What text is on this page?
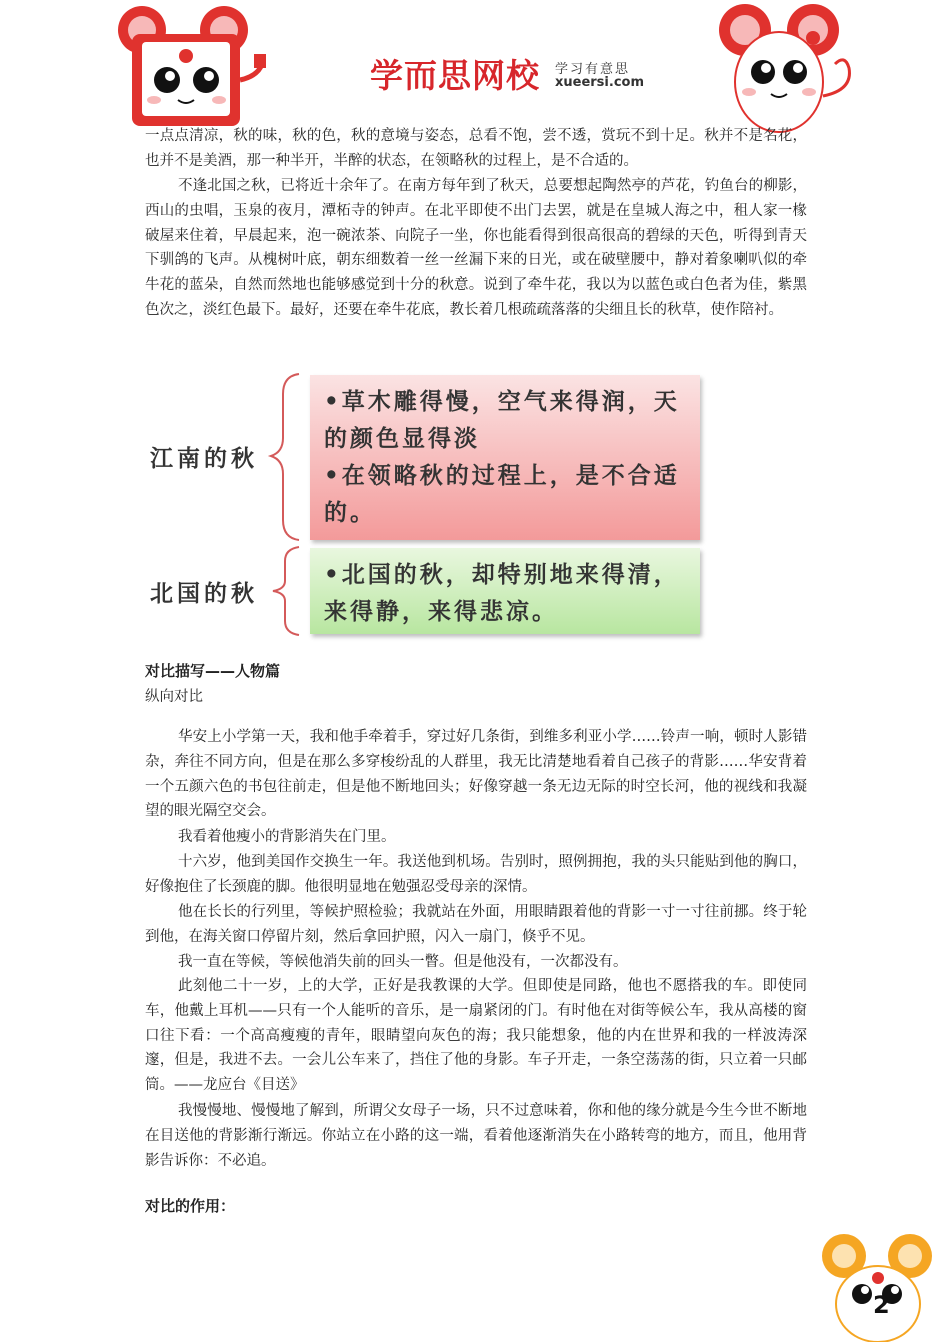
学而思网校 学习有意思
xueersi.com

一点点清凉，秋的味，秋的色，秋的意境与姿态，总看不饱，尝不透，赏玩不到十足。秋并不是名花，也并不是美酒，那一种半开，半醉的状态，在领略秋的过程上，是不合适的。

不逢北国之秋，已将近十余年了。在南方每年到了秋天，总要想起陶然亭的芦花，钓鱼台的柳影，西山的虫唱，玉泉的夜月，潭柘寺的钟声。在北平即使不出门去罢，就是在皇城人海之中，租人家一椽破屋来住着，早晨起来，泡一碗浓茶、向院子一坐，你也能看得到很高很高的碧绿的天色，听得到青天下驯鸽的飞声。从槐树叶底，朝东细数着一丝一丝漏下来的日光，或在破壁腰中，静对着象喇叭似的牵牛花的蓝朵，自然而然地也能够感觉到十分的秋意。说到了牵牛花，我以为以蓝色或白色者为佳，紫黑色次之，淡红色最下。最好，还要在牵牛花底，教长着几根疏疏落落的尖细且长的秋草，使作陪衬。

江南的秋
北国的秋
•草木雕得慢，空气来得润，天的颜色显得淡
•在领略秋的过程上，是不合适的。
•北国的秋，却特别地来得清，来得静，来得悲凉。
对比描写——人物篇
纵向对比

华安上小学第一天，我和他手牵着手，穿过好几条街，到维多利亚小学……铃声一响，顿时人影错杂，奔往不同方向，但是在那么多穿梭纷乱的人群里，我无比清楚地看着自己孩子的背影……华安背着一个五颜六色的书包往前走，但是他不断地回头；好像穿越一条无边无际的时空长河，他的视线和我凝望的眼光隔空交会。

我看着他瘦小的背影消失在门里。

十六岁，他到美国作交换生一年。我送他到机场。告别时，照例拥抱，我的头只能贴到他的胸口，好像抱住了长颈鹿的脚。他很明显地在勉强忍受母亲的深情。

他在长长的行列里，等候护照检验；我就站在外面，用眼睛跟着他的背影一寸一寸往前挪。终于轮到他，在海关窗口停留片刻，然后拿回护照，闪入一扇门，倏乎不见。

我一直在等候，等候他消失前的回头一瞥。但是他没有，一次都没有。

此刻他二十一岁，上的大学，正好是我教课的大学。但即使是同路，他也不愿搭我的车。即使同车，他戴上耳机——只有一个人能听的音乐，是一扇紧闭的门。有时他在对街等候公车，我从高楼的窗口往下看：一个高高瘦瘦的青年，眼睛望向灰色的海；我只能想象，他的内在世界和我的一样波涛深邃，但是，我进不去。一会儿公车来了，挡住了他的身影。车子开走，一条空荡荡的街，只立着一只邮筒。——龙应台《目送》

我慢慢地、慢慢地了解到，所谓父女母子一场，只不过意味着，你和他的缘分就是今生今世不断地在目送他的背影渐行渐远。你站立在小路的这一端，看着他逐渐消失在小路转弯的地方，而且，他用背影告诉你：不必追。

对比的作用：
2
